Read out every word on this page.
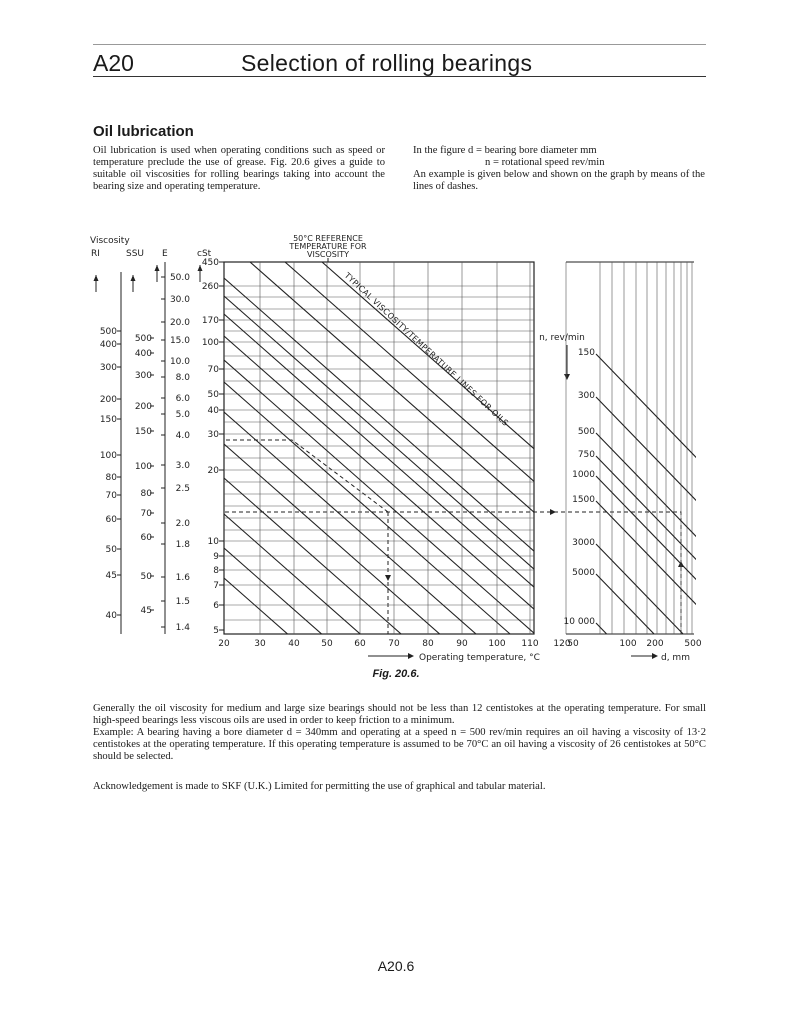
A20	Selection of rolling bearings
Oil lubrication
Oil lubrication is used when operating conditions such as speed or temperature preclude the use of grease. Fig. 20.6 gives a guide to suitable oil viscosities for rolling bearings taking into account the bearing size and operating temperature.
In the figure d = bearing bore diameter mm
n = rotational speed rev/min
An example is given below and shown on the graph by means of the lines of dashes.
Viscosity
RI	SSU E	cSt
500
400
300
200
150
100
80
70
60
50
45
40
500
400
300
200
150
100
80
70
60
50
45
50.0
30.0
20.0
15.0
10.0
8.0
6.0
5.0
4.0
3.0
2.5
2.0
1.8
1.6
1.5
1.4
450
260
170
100
70
50
40
30
20
10
9
8
7
6
5
50°C REFERENCE
TEMPERATURE FOR
VISCOSITY
TYPICAL VISCOSITY/TEMPERATURE LINES FOR OILS
20	30	40 50 60	70	80	90 100 110 120
Operating temperature, °C
n, rev/min
150
300
500
750
1000
1500
3000
5000
10 000
50	100 200 500
d, mm
Fig. 20.6.

Generally the oil viscosity for medium and large size bearings should not be less than 12 centistokes at the operating temperature. For small high-speed bearings less viscous oils are used in order to keep friction to a minimum.

Example: A bearing having a bore diameter d = 340mm and operating at a speed n = 500 rev/min requires an oil having a viscosity of 13·2 centistokes at the operating temperature. If this operating temperature is assumed to be 70°C an oil having a viscosity of 26 centistokes at 50°C should be selected.

Acknowledgement is made to SKF (U.K.) Limited for permitting the use of graphical and tabular material.
A20.6
